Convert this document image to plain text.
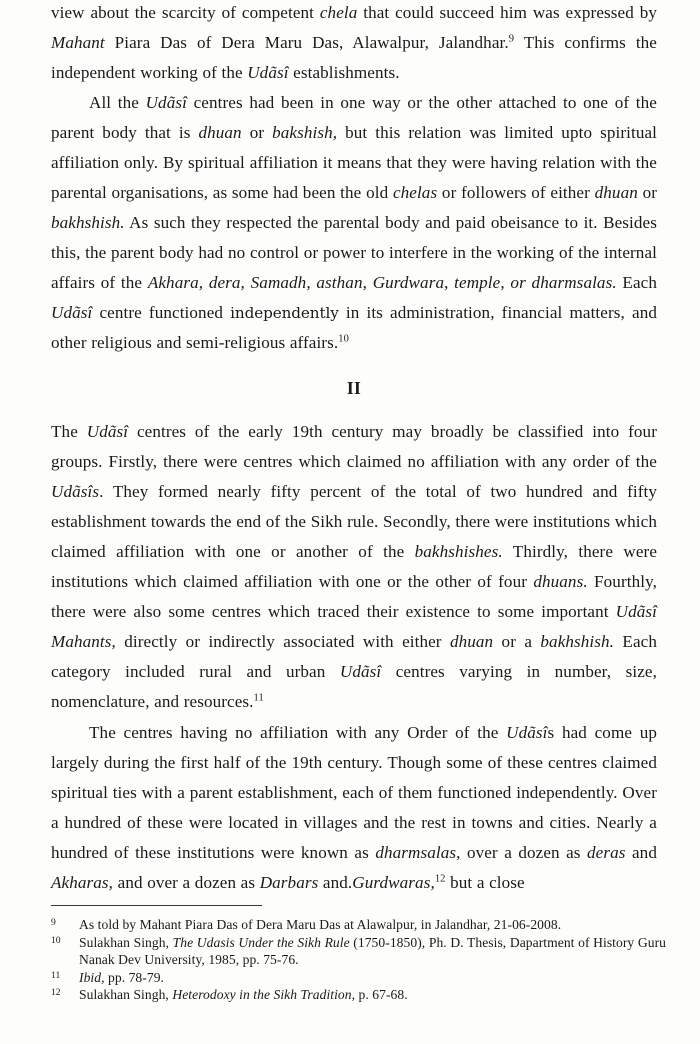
view about the scarcity of competent chela that could succeed him was expressed by Mahant Piara Das of Dera Maru Das, Alawalpur, Jalandhar.$^9$ This confirms the independent working of the Udãsî establishments.

All the Udãsî centres had been in one way or the other attached to one of the parent body that is dhuan or bakshish, but this relation was limited upto spiritual affiliation only. By spiritual affiliation it means that they were having relation with the parental organisations, as some had been the old chelas or followers of either dhuan or bakhshish. As such they respected the parental body and paid obeisance to it. Besides this, the parent body had no control or power to interfere in the working of the internal affairs of the Akhara, dera, Samadh, asthan, Gurdwara, temple, or dharmsalas. Each Udãsî centre functioned independently in its administration, financial matters, and other religious and semi-religious affairs.$^{10}$

II

The Udãsî centres of the early 19th century may broadly be classified into four groups. Firstly, there were centres which claimed no affiliation with any order of the Udãsîs. They formed nearly fifty percent of the total of two hundred and fifty establishment towards the end of the Sikh rule. Secondly, there were institutions which claimed affiliation with one or another of the bakhshishes. Thirdly, there were institutions which claimed affiliation with one or the other of four dhuans. Fourthly, there were also some centres which traced their existence to some important Udãsî Mahants, directly or indirectly associated with either dhuan or a bakhshish. Each category included rural and urban Udãsî centres varying in number, size, nomenclature, and resources.$^{11}$

The centres having no affiliation with any Order of the Udãsîs had come up largely during the first half of the 19th century. Though some of these centres claimed spiritual ties with a parent establishment, each of them functioned independently. Over a hundred of these were located in villages and the rest in towns and cities. Nearly a hundred of these institutions were known as dharmsalas, over a dozen as deras and Akharas, and over a dozen as Darbars and.Gurdwaras,$^{12}$ but a close

9	As told by Mahant Piara Das of Dera Maru Das at Alawalpur, in Jalandhar, 21-06-2008.
10	Sulakhan Singh, The Udasis Under the Sikh Rule (1750-1850), Ph. D. Thesis, Dapartment of History Guru Nanak Dev University, 1985, pp. 75-76.
11	Ibid, pp. 78-79.
12	Sulakhan Singh, Heterodoxy in the Sikh Tradition, p. 67-68.
